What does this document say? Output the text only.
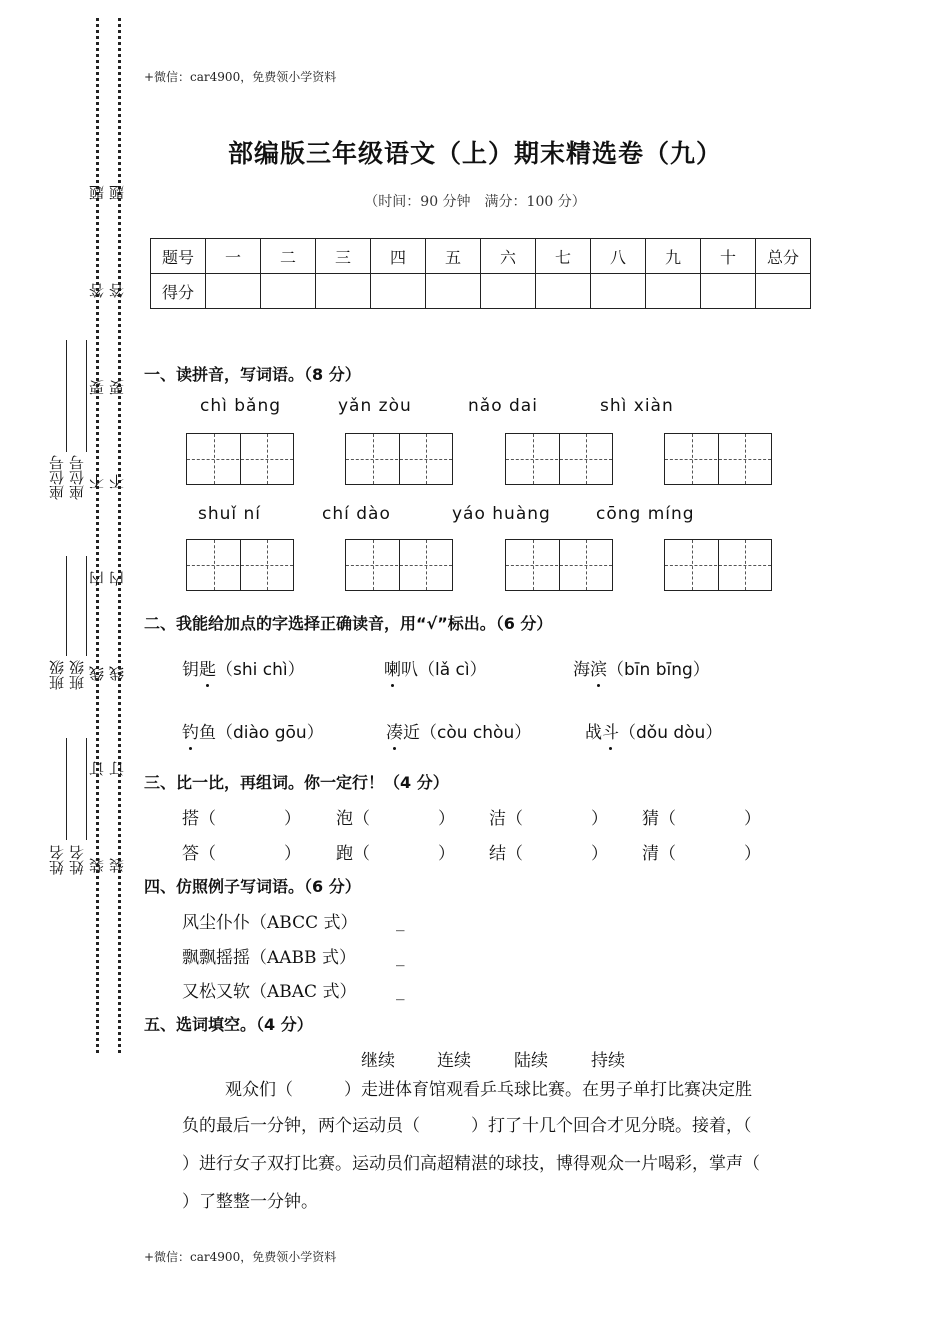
座位号
班级
姓名
座位号
班级
姓名
题
答
要
不
内
线
订
装
题
答
要
不
内
线
订
装
+微信：car4900，免费领小学资料
部编版三年级语文（上）期末精选卷（九）
（时间：90 分钟　满分：100 分）
题号	一	二	三	四	五	六	七	八	九	十	总分
得分											
一、读拼音，写词语。（8 分）
chì bǎng	yǎn zòu	nǎo dai	shì xiàn
shuǐ ní	chí dào	yáo huàng	cōng míng
二、我能给加点的字选择正确读音，用“√”标出。（6 分）
钥匙（shi chì）	喇叭（lǎ cì）	海滨（bīn bīng）
钓鱼（diào gōu）	凑近（còu chòu）	战斗（dǒu dòu）
三、比一比，再组词。你一定行！（4 分）
搭（　　　　） 泡（　　　　） 洁（　　　　） 猜（　　　　）
答（　　　　） 跑（　　　　） 结（　　　　） 清（　　　　）
四、仿照例子写词语。（6 分）
风尘仆仆（ABCC 式） _
飘飘摇摇（AABB 式） _
又松又软（ABAC 式） _
五、选词填空。（4 分）
继续 连续	陆续	持续
观众们（　　　）走进体育馆观看乒乓球比赛。在男子单打比赛决定胜
负的最后一分钟，两个运动员（　　　）打了十几个回合才见分晓。接着，（
）进行女子双打比赛。运动员们高超精湛的球技，博得观众一片喝彩，掌声（
）了整整一分钟。
+微信：car4900，免费领小学资料
